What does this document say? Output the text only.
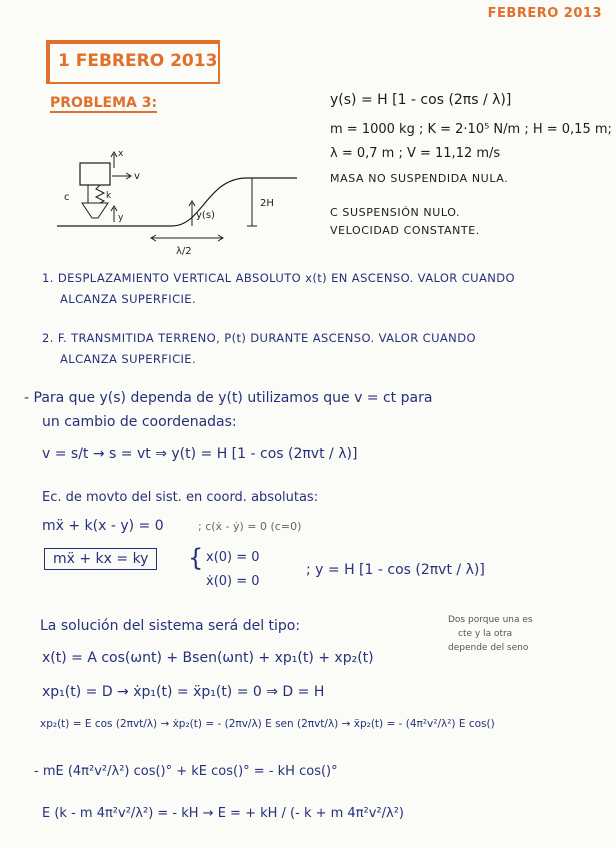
FEBRERO 2013
1 FEBRERO 2013
PROBLEMA 3:	y(s) = H [1 - cos (2πs / λ)]
m = 1000 kg ; K = 2·10⁵ N/m ; H = 0,15 m;
λ = 0,7 m ; V = 11,12 m/s
MASA NO SUSPENDIDA NULA.
C SUSPENSIÓN NULO.
VELOCIDAD CONSTANTE.
x
v
c	k
y	y(s)
2H
λ/2
1. DESPLAZAMIENTO VERTICAL ABSOLUTO x(t) EN ASCENSO. VALOR CUANDO
ALCANZA SUPERFICIE.
2. F. TRANSMITIDA TERRENO, P(t) DURANTE ASCENSO. VALOR CUANDO
ALCANZA SUPERFICIE.
- Para que y(s) dependa de y(t) utilizamos que v = ct para
un cambio de coordenadas:
v = s/t → s = vt ⇒ y(t) = H [1 - cos (2πvt / λ)]
Ec. de movto del sist. en coord. absolutas:
mẍ + k(x - y) = 0	; c(ẋ - ẏ) = 0 (c=0)
mẍ + kx = ky	{ x(0) = 0
ẋ(0) = 0
; y = H [1 - cos (2πvt / λ)]
La solución del sistema será del tipo:	Dos porque una es
cte y la otra
depende del seno
x(t) = A cos(ωnt) + Bsen(ωnt) + xp₁(t) + xp₂(t)
xp₁(t) = D → ẋp₁(t) = ẍp₁(t) = 0 ⇒ D = H
xp₂(t) = E cos (2πvt/λ) → ẋp₂(t) = - (2πv/λ) E sen (2πvt/λ) → ẍp₂(t) = - (4π²v²/λ²) E cos()
- mE (4π²v²/λ²) cos()° + kE cos()° = - kH cos()°
E (k - m 4π²v²/λ²) = - kH → E = + kH / (- k + m 4π²v²/λ²)
